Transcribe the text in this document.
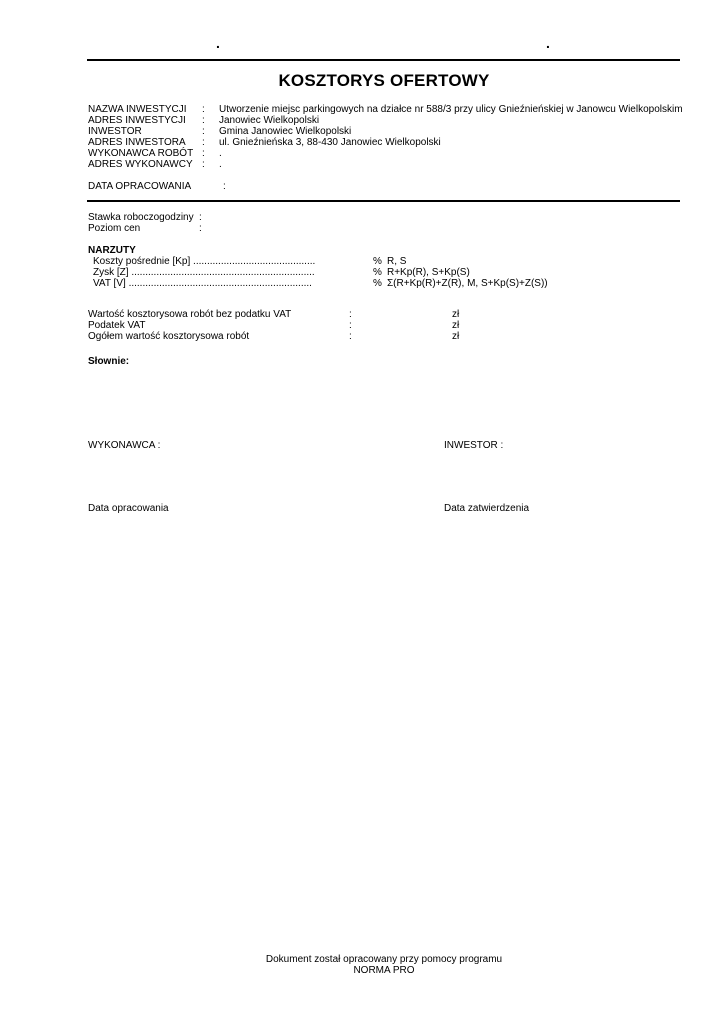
.	.
KOSZTORYS OFERTOWY
NAZWA INWESTYCJI : Utworzenie miejsc parkingowych na działce nr 588/3 przy ulicy Gnieźnieńskiej w Janowcu Wielkopolskim
ADRES INWESTYCJI : Janowiec Wielkopolski
INWESTOR	: Gmina Janowiec Wielkopolski
ADRES INWESTORA : ul. Gnieźnieńska 3, 88-430 Janowiec Wielkopolski
WYKONAWCA ROBÓT : .
ADRES WYKONAWCY : .
DATA OPRACOWANIA	:
Stawka roboczogodziny :
Poziom cen	:
NARZUTY
Koszty pośrednie [Kp] ............................................	% R, S
Zysk [Z] ..................................................................	% R+Kp(R), S+Kp(S)
VAT [V] ..................................................................	% Σ(R+Kp(R)+Z(R), M, S+Kp(S)+Z(S))
Wartość kosztorysowa robót bez podatku VAT	:	zł
Podatek VAT	:	zł
Ogółem wartość kosztorysowa robót	:	zł
Słownie:
WYKONAWCA :	INWESTOR :
Data opracowania	Data zatwierdzenia
Dokument został opracowany przy pomocy programu
NORMA PRO
